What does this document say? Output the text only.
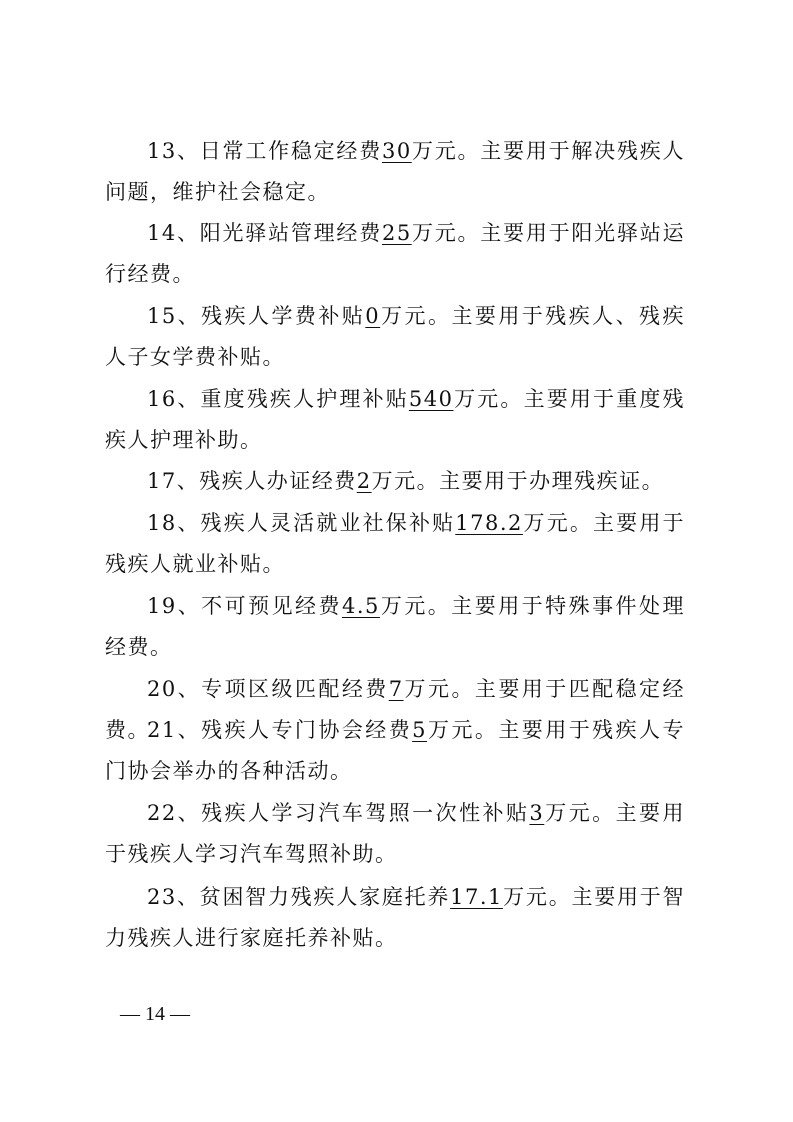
13、日常工作稳定经费30万元。主要用于解决残疾人问题，维护社会稳定。

14、阳光驿站管理经费25万元。主要用于阳光驿站运行经费。

15、残疾人学费补贴0万元。主要用于残疾人、残疾人子女学费补贴。

16、重度残疾人护理补贴540万元。主要用于重度残疾人护理补助。

17、残疾人办证经费2万元。主要用于办理残疾证。

18、残疾人灵活就业社保补贴178.2万元。主要用于残疾人就业补贴。

19、不可预见经费4.5万元。主要用于特殊事件处理经费。

20、专项区级匹配经费7万元。主要用于匹配稳定经费。

21、残疾人专门协会经费5万元。主要用于残疾人专门协会举办的各种活动。

22、残疾人学习汽车驾照一次性补贴3万元。主要用于残疾人学习汽车驾照补助。

23、贫困智力残疾人家庭托养17.1万元。主要用于智力残疾人进行家庭托养补贴。

— 14 —
